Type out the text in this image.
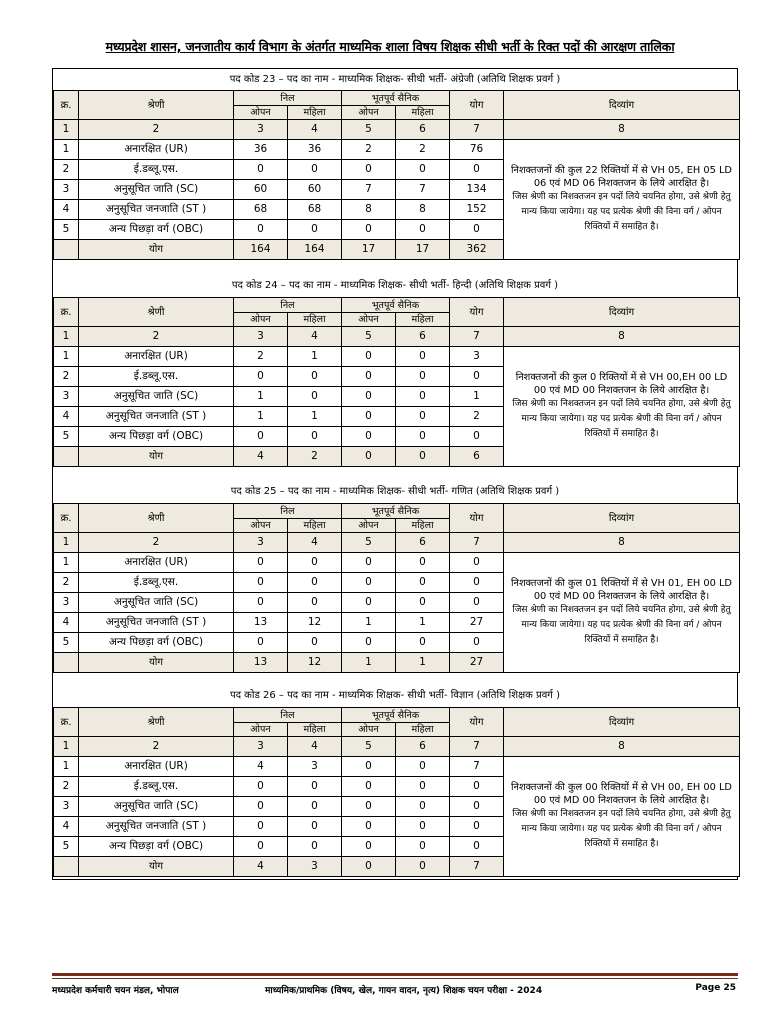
मध्यप्रदेश शासन, जनजातीय कार्य विभाग के अंतर्गत माध्यमिक शाला विषय शिक्षक सीधी भर्ती के रिक्त पदों की आरक्षण तालिका
पद कोड 23 – पद का नाम - माध्यमिक शिक्षक- सीधी भर्ती- अंग्रेजी (अतिथि शिक्षक प्रवर्ग )
क्र.	श्रेणी	निल		भूतपूर्व सैनिक		योग	दिव्यांग
		ओपन	महिला	ओपन	महिला		
1	2	3	4	5	6	7	8
1	अनारक्षित (UR)	36	36	2	2	76	निशक्तजनों की कुल 22 रिक्तियों में से VH 05, EH 05 LD 06 एवं MD 06 निशक्तजन के लिये आरक्षित है।
जिस श्रेणी का निशक्तजन इन पदों लिये चयनित होगा, उसे श्रेणी हेतु मान्य किया जायेगा। यह पद प्रत्येक श्रेणी की विना वर्ग / ओपन रिक्तियों में समाहित है।

2	ई.डब्लू.एस.	0	0	0	0	0	
3	अनुसूचित जाति (SC)	60	60	7	7	134	
4	अनुसूचित जनजाति (ST )	68	68	8	8	152	
5	अन्य पिछड़ा वर्ग (OBC)	0	0	0	0	0	
	योग	164	164	17	17	362	
पद कोड 24 – पद का नाम - माध्यमिक शिक्षक- सीधी भर्ती- हिन्दी (अतिथि शिक्षक प्रवर्ग )
क्र.	श्रेणी	निल		भूतपूर्व सैनिक		योग	दिव्यांग
		ओपन	महिला	ओपन	महिला		
1	2	3	4	5	6	7	8
1	अनारक्षित (UR)	2	1	0	0	3	निशक्तजनों की कुल 0 रिक्तियों में से VH 00,EH 00 LD 00 एवं MD 00 निशक्तजन के लिये आरक्षित है।
जिस श्रेणी का निशक्तजन इन पदों लिये चयनित होगा, उसे श्रेणी हेतु मान्य किया जायेगा। यह पद प्रत्येक श्रेणी की विना वर्ग / ओपन रिक्तियों में समाहित है।

2	ई.डब्लू.एस.	0	0	0	0	0	
3	अनुसूचित जाति (SC)	1	0	0	0	1	
4	अनुसूचित जनजाति (ST )	1	1	0	0	2	
5	अन्य पिछड़ा वर्ग (OBC)	0	0	0	0	0	
	योग	4	2	0	0	6	
पद कोड 25 – पद का नाम - माध्यमिक शिक्षक- सीधी भर्ती- गणित (अतिथि शिक्षक प्रवर्ग )
क्र.	श्रेणी	निल		भूतपूर्व सैनिक		योग	दिव्यांग
		ओपन	महिला	ओपन	महिला		
1	2	3	4	5	6	7	8
1	अनारक्षित (UR)	0	0	0	0	0	निशक्तजनों की कुल 01 रिक्तियों में से VH 01, EH 00 LD 00 एवं MD 00 निशक्तजन के लिये आरक्षित है।
जिस श्रेणी का निशक्तजन इन पदों लिये चयनित होगा, उसे श्रेणी हेतु मान्य किया जायेगा। यह पद प्रत्येक श्रेणी की विना वर्ग / ओपन रिक्तियों में समाहित है।

2	ई.डब्लू.एस.	0	0	0	0	0	
3	अनुसूचित जाति (SC)	0	0	0	0	0	
4	अनुसूचित जनजाति (ST )	13	12	1	1	27	
5	अन्य पिछड़ा वर्ग (OBC)	0	0	0	0	0	
	योग	13	12	1	1	27	
पद कोड 26 – पद का नाम - माध्यमिक शिक्षक- सीधी भर्ती- विज्ञान (अतिथि शिक्षक प्रवर्ग )
क्र.	श्रेणी	निल		भूतपूर्व सैनिक		योग	दिव्यांग
		ओपन	महिला	ओपन	महिला		
1	2	3	4	5	6	7	8
1	अनारक्षित (UR)	4	3	0	0	7	निशक्तजनों की कुल 00 रिक्तियों में से VH 00, EH 00 LD 00 एवं MD 00 निशक्तजन के लिये आरक्षित है।
जिस श्रेणी का निशक्तजन इन पदों लिये चयनित होगा, उसे श्रेणी हेतु मान्य किया जायेगा। यह पद प्रत्येक श्रेणी की विना वर्ग / ओपन रिक्तियों में समाहित है।

2	ई.डब्लू.एस.	0	0	0	0	0	
3	अनुसूचित जाति (SC)	0	0	0	0	0	
4	अनुसूचित जनजाति (ST )	0	0	0	0	0	
5	अन्य पिछड़ा वर्ग (OBC)	0	0	0	0	0	
	योग	4	3	0	0	7	
मध्यप्रदेश कर्मचारी चयन मंडल, भोपाल	माध्यमिक/प्राथमिक (विषय, खेल, गायन वादन, नृत्य) शिक्षक चयन परीक्षा - 2024	Page 25
